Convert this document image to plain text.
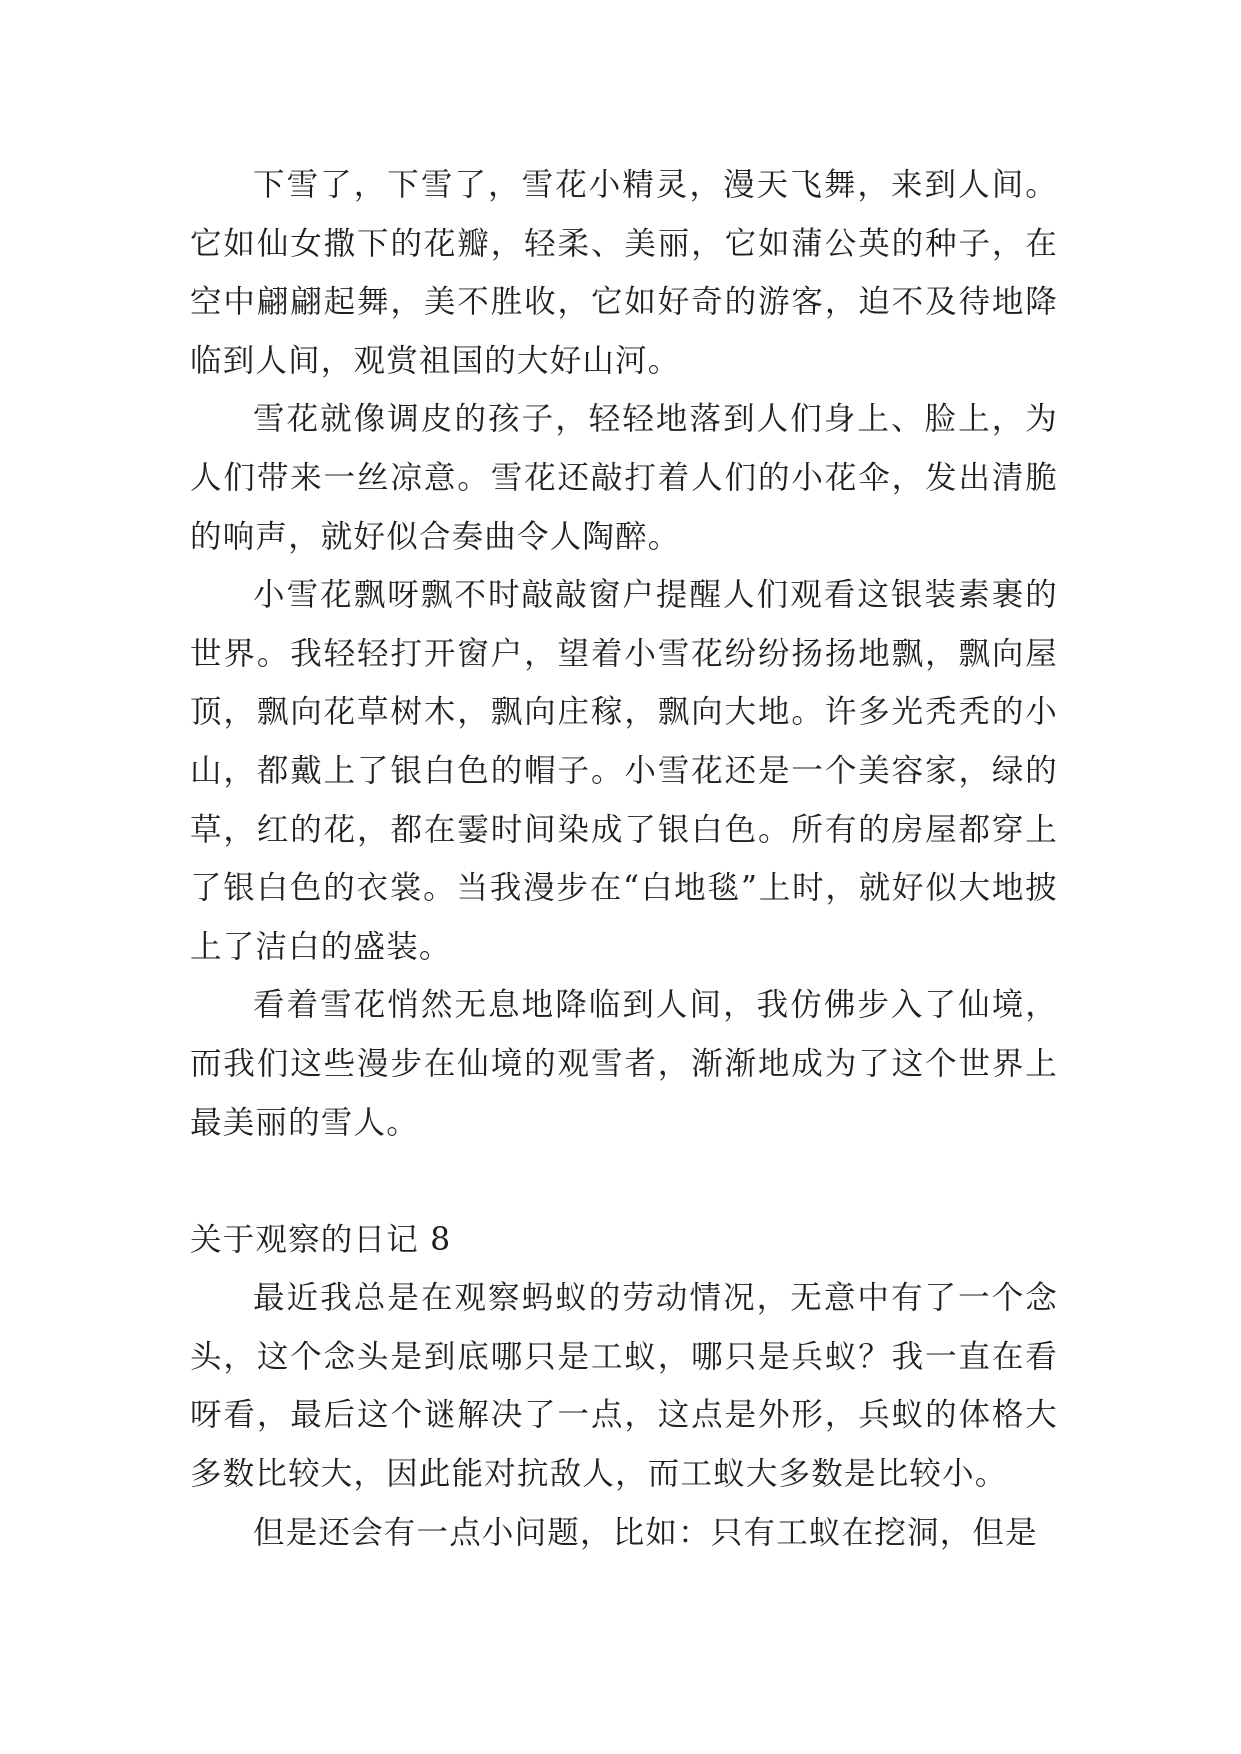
下雪了，下雪了，雪花小精灵，漫天飞舞，来到人间。它如仙女撒下的花瓣，轻柔、美丽，它如蒲公英的种子，在空中翩翩起舞，美不胜收，它如好奇的游客，迫不及待地降临到人间，观赏祖国的大好山河。

雪花就像调皮的孩子，轻轻地落到人们身上、脸上，为人们带来一丝凉意。雪花还敲打着人们的小花伞，发出清脆的响声，就好似合奏曲令人陶醉。

小雪花飘呀飘不时敲敲窗户提醒人们观看这银装素裹的世界。我轻轻打开窗户，望着小雪花纷纷扬扬地飘，飘向屋顶，飘向花草树木，飘向庄稼，飘向大地。许多光秃秃的小山，都戴上了银白色的帽子。小雪花还是一个美容家，绿的草，红的花，都在霎时间染成了银白色。所有的房屋都穿上了银白色的衣裳。当我漫步在“白地毯”上时，就好似大地披上了洁白的盛装。

看着雪花悄然无息地降临到人间，我仿佛步入了仙境，而我们这些漫步在仙境的观雪者，渐渐地成为了这个世界上最美丽的雪人。

关于观察的日记 8

最近我总是在观察蚂蚁的劳动情况，无意中有了一个念头，这个念头是到底哪只是工蚁，哪只是兵蚁？我一直在看呀看，最后这个谜解决了一点，这点是外形，兵蚁的体格大多数比较大，因此能对抗敌人，而工蚁大多数是比较小。

但是还会有一点小问题，比如：只有工蚁在挖洞，但是
